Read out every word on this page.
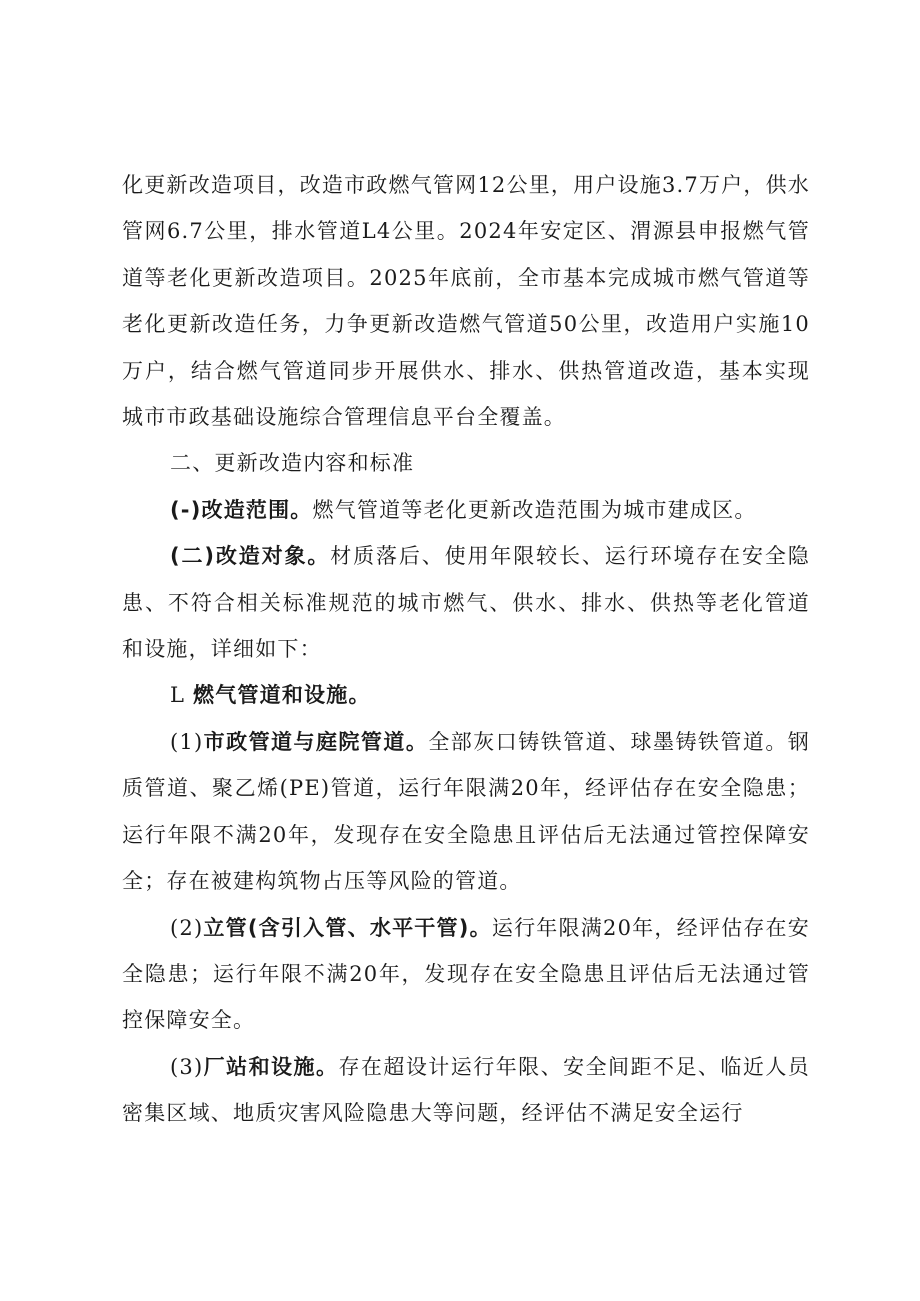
化更新改造项目，改造市政燃气管网12公里，用户设施3.7万户，供水管网6.7公里，排水管道L4公里。2024年安定区、渭源县申报燃气管道等老化更新改造项目。2025年底前，全市基本完成城市燃气管道等老化更新改造任务，力争更新改造燃气管道50公里，改造用户实施10万户，结合燃气管道同步开展供水、排水、供热管道改造，基本实现城市市政基础设施综合管理信息平台全覆盖。

二、更新改造内容和标准

(-)改造范围。燃气管道等老化更新改造范围为城市建成区。

(二)改造对象。材质落后、使用年限较长、运行环境存在安全隐患、不符合相关标准规范的城市燃气、供水、排水、供热等老化管道和设施，详细如下：

L 燃气管道和设施。

(1)市政管道与庭院管道。全部灰口铸铁管道、球墨铸铁管道。钢质管道、聚乙烯(PE)管道，运行年限满20年，经评估存在安全隐患；运行年限不满20年，发现存在安全隐患且评估后无法通过管控保障安全；存在被建构筑物占压等风险的管道。

(2)立管(含引入管、水平干管)。运行年限满20年，经评估存在安全隐患；运行年限不满20年，发现存在安全隐患且评估后无法通过管控保障安全。

(3)厂站和设施。存在超设计运行年限、安全间距不足、临近人员密集区域、地质灾害风险隐患大等问题，经评估不满足安全运行
